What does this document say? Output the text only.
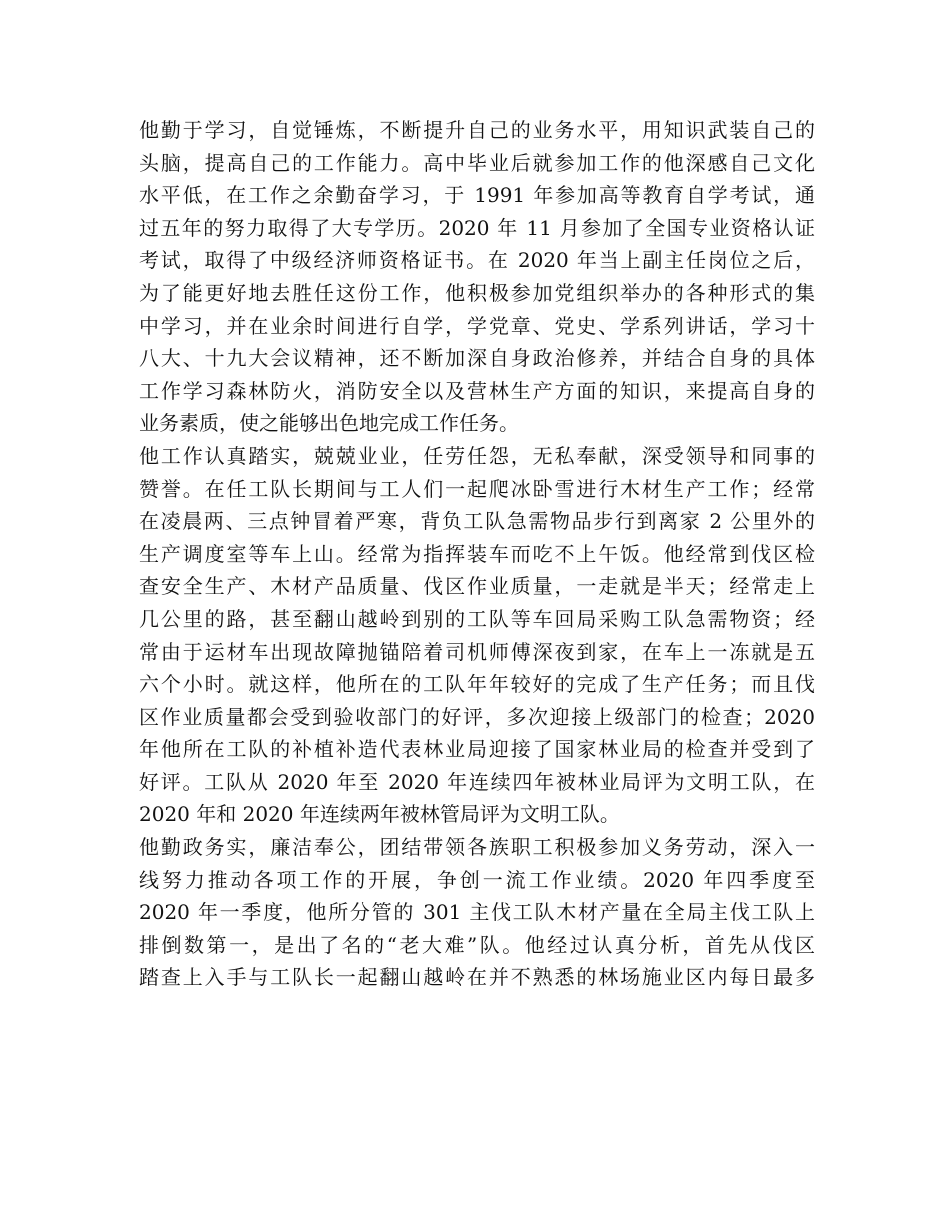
他勤于学习，自觉锤炼，不断提升自己的业务水平，用知识武装自己的
头脑，提高自己的工作能力。高中毕业后就参加工作的他深感自己文化
水平低，在工作之余勤奋学习，于 1991 年参加高等教育自学考试，通
过五年的努力取得了大专学历。2020 年 11 月参加了全国专业资格认证
考试，取得了中级经济师资格证书。在 2020 年当上副主任岗位之后，
为了能更好地去胜任这份工作，他积极参加党组织举办的各种形式的集
中学习，并在业余时间进行自学，学党章、党史、学系列讲话，学习十
八大、十九大会议精神，还不断加深自身政治修养，并结合自身的具体
工作学习森林防火，消防安全以及营林生产方面的知识，来提高自身的
业务素质，使之能够出色地完成工作任务。
他工作认真踏实，兢兢业业，任劳任怨，无私奉献，深受领导和同事的
赞誉。在任工队长期间与工人们一起爬冰卧雪进行木材生产工作；经常
在凌晨两、三点钟冒着严寒，背负工队急需物品步行到离家 2 公里外的
生产调度室等车上山。经常为指挥装车而吃不上午饭。他经常到伐区检
查安全生产、木材产品质量、伐区作业质量，一走就是半天；经常走上
几公里的路，甚至翻山越岭到别的工队等车回局采购工队急需物资；经
常由于运材车出现故障抛锚陪着司机师傅深夜到家，在车上一冻就是五
六个小时。就这样，他所在的工队年年较好的完成了生产任务；而且伐
区作业质量都会受到验收部门的好评，多次迎接上级部门的检查；2020
年他所在工队的补植补造代表林业局迎接了国家林业局的检查并受到了
好评。工队从 2020 年至 2020 年连续四年被林业局评为文明工队，在
2020 年和 2020 年连续两年被林管局评为文明工队。
他勤政务实，廉洁奉公，团结带领各族职工积极参加义务劳动，深入一
线努力推动各项工作的开展，争创一流工作业绩。2020 年四季度至
2020 年一季度，他所分管的 301 主伐工队木材产量在全局主伐工队上
排倒数第一，是出了名的“老大难”队。他经过认真分析，首先从伐区
踏查上入手与工队长一起翻山越岭在并不熟悉的林场施业区内每日最多
